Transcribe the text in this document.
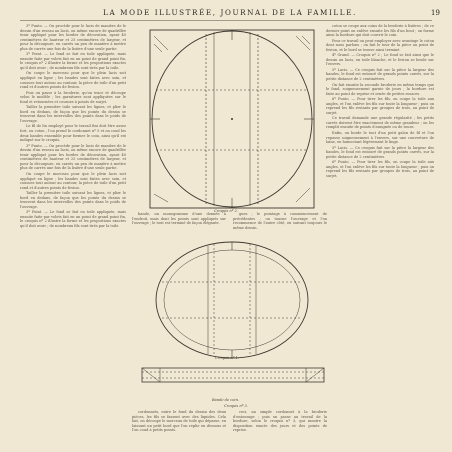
LA MODE ILLUSTRÉE, JOURNAL DE LA FAMILLE.	19

3º Punto. — On procède pour le lacis de manière de le dessin d'un reseau au lacis, ou même encore de quadrillée tenir appliqué pour les bordes de décoration, ayant 40 centimètres de hauteur et 25 centimètres de largeur, et pour la découpure, en carrés un peu de manière à mettre plus de carrés une fois de la lisière d'une seule partie.

3º Point. — Le fond se fait en toile appliquée, mais ensuite faite par volets fait en un point de grand point fin, le croquis nº 2 illustre la forme et les proportions exactes qu'il doit avoir ; de nombreux fils sont tirés par la toile.

On coupe le morceau pour que le plein lacis soit appliqué en ligne ; les bandes sont faites avec soin, et cousues tout autour au contour, la pièce de toile d'un petit rond et d'autres points de feston.

Puis on passe à la broderie, qu'on trace et découpe selon le modèle ; les garnitures sont appliquées sur le fond et retournées et cousues à points de surjet.

Tailler la première toile suivant les lignes, et plier le bord en dedans, de façon que les points du dessin se trouvent dans les intervalles des points dans le poids de l'ouvrage.

Le fil de lin employé pour le travail fini doit être assez fort, ou coton ; l'on prend le cordonnet nº 5 et on coud les deux bandes ensemble pour former le coin, ainsi qu'il est indiqué sur le croquis.

3º Punto. — On procède pour le lacis de manière de le dessin d'un reseau au lacis, ou même encore de quadrillée tenir appliqué pour les bordes de décoration, ayant 40 centimètres de hauteur et 25 centimètres de largeur, et pour la découpure, en carrés un peu de manière à mettre plus de carrés une fois de la lisière d'une seule partie.

On coupe le morceau pour que le plein lacis soit appliqué en ligne ; les bandes sont faites avec soin, et cousues tout autour au contour, la pièce de toile d'un petit rond et d'autres points de feston.

Tailler la première toile suivant les lignes, et plier le bord en dedans, de façon que les points du dessin se trouvent dans les intervalles des points dans le poids de l'ouvrage.

3º Point. — Le fond se fait en toile appliquée, mais ensuite faite par volets fait en un point de grand point fin, le croquis nº 2 illustre la forme et les proportions exactes qu'il doit avoir ; de nombreux fils sont tirés par la toile.

Croquis nº 2.

bande, un monogramme d'une donnée à l'endroit, mais dont les points sont appliqués sur l'ouvrage ; le tout est terminé de façon élégante.

gues ; le pointage à commencement de précédentes ; on tourne l'ouvrage et l'on recommence de l'autre côté, en suivant toujours le même dessin.

Croquis nº 1.
Bande de coin.
Croquis nº 3.

cordonnets, entre le fond du dessin des deux pièces, les fils se fassent avec des liquides. Cela fait, on découpe le morceau de toile qui dépasse, en laissant un petit bord que l'on replie en dessous et l'on coud à petits points.

ceci, un simple cordonnet à la broderie d'entourage ; puis on passe au travail de la bordure, selon le croquis nº 3, qui montre la disposition exacte des jours et des points de reprise.

coton se coupe aux coins de la broderie à lisières ; de ce dernier point on enlève ensuite les fils d'un bout ; on forme ainsi la bordure qui doit couvrir le coin.

Pour ce travail on peut employer avec avantage le coton dont nous parlons ; on fait le tour de la pièce au point de feston, et le bord se trouve ainsi terminé.

4º Grand. — Croquis nº 2 ; Le fond se fait ainsi que le dessin au lacis, en toile blanche, et le feston se brode sur l'envers.

5º Lacis. — Ce croquis fait sur la pièce la largeur des bandes, le fond est entouré de grands points carrés, sur la petite distance de 2 centimètres.

On fait ensuite la seconde broderie en même temps que le fond, soigneusement garnie de jours ; la bordure est faite au point de reprise et ornée de petites rosaces.

6º Punto. — Pour tirer les fils, on coupe la toile aux angles, et l'on enlève les fils sur toute la longueur ; puis on reprend les fils restants par groupes de trois, au point de surjet.

Ce travail demande une grande régularité ; les petits carrés doivent être exactement de même grandeur ; on les remplit ensuite de points d'araignée ou de roues.

Enfin, on borde le tout d'un petit galon de fil et l'on repasse soigneusement à l'envers, sur une couverture de laine, en humectant légèrement le linge.

5º Lacis. — Ce croquis fait sur la pièce la largeur des bandes, le fond est entouré de grands points carrés, sur la petite distance de 2 centimètres.

6º Punto. — Pour tirer les fils, on coupe la toile aux angles, et l'on enlève les fils sur toute la longueur ; puis on reprend les fils restants par groupes de trois, au point de surjet.
